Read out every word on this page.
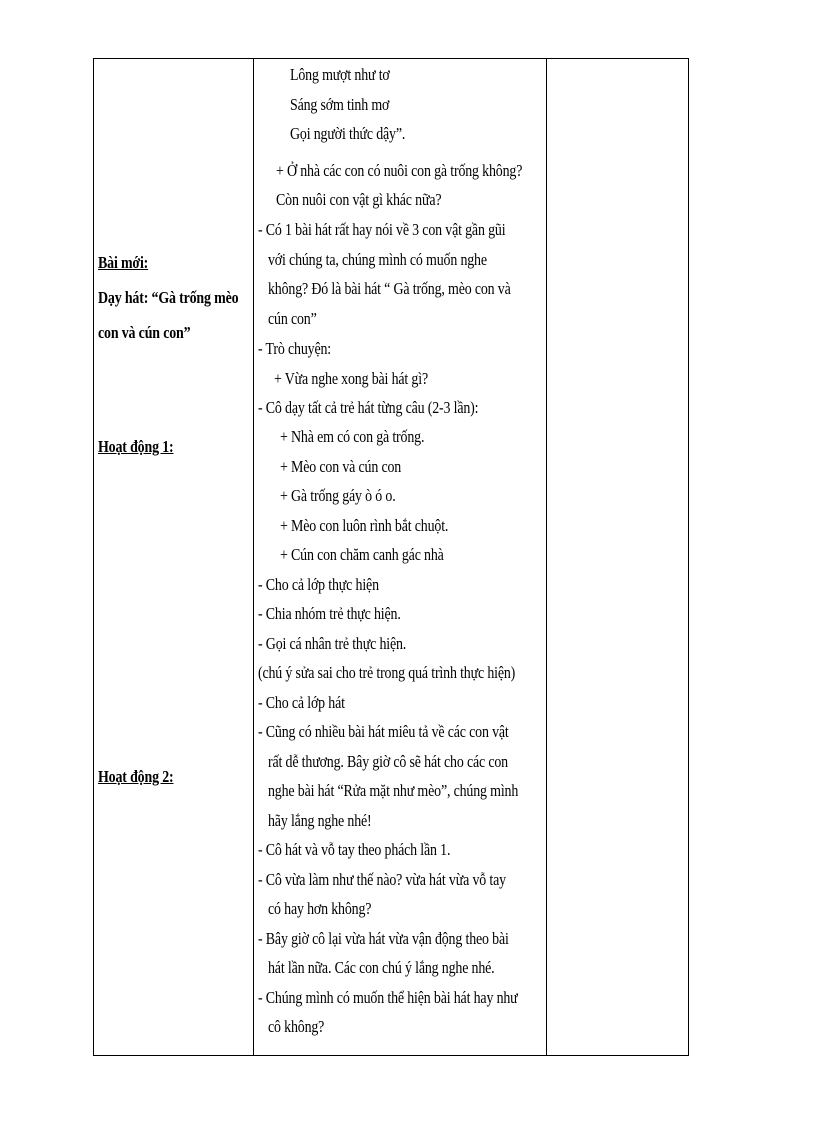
Bài mới:
Dạy hát: “Gà trống mèo
con và cún con”
Hoạt động 1:
Hoạt động 2:
Lông mượt như tơ
Sáng sớm tinh mơ
Gọi người thức dậy”.
+ Ở nhà các con có nuôi con gà trống không?
Còn nuôi con vật gì khác nữa?
- Có 1 bài hát rất hay nói về 3 con vật gần gũi
với chúng ta, chúng mình có muốn nghe
không? Đó là bài hát “ Gà trống, mèo con và
cún con”
- Trò chuyện:
+ Vừa nghe xong bài hát gì?
- Cô dạy tất cả trẻ hát từng câu (2-3 lần):
+ Nhà em có con gà trống.
+ Mèo con và cún con
+ Gà trống gáy ò ó o.
+ Mèo con luôn rình bắt chuột.
+ Cún con chăm canh gác nhà
- Cho cả lớp thực hiện
- Chia nhóm trẻ thực hiện.
- Gọi cá nhân trẻ thực hiện.
(chú ý sửa sai cho trẻ trong quá trình thực hiện)
- Cho cả lớp hát
- Cũng có nhiều bài hát miêu tả về các con vật
rất dễ thương. Bây giờ cô sẽ hát cho các con
nghe bài hát “Rửa mặt như mèo”, chúng mình
hãy lắng nghe nhé!
- Cô hát và vỗ tay theo phách lần 1.
- Cô vừa làm như thế nào? vừa hát vừa vỗ tay
có hay hơn không?
- Bây giờ cô lại vừa hát vừa vận động theo bài
hát lần nữa. Các con chú ý lắng nghe nhé.
- Chúng mình có muốn thể hiện bài hát hay như
cô không?
